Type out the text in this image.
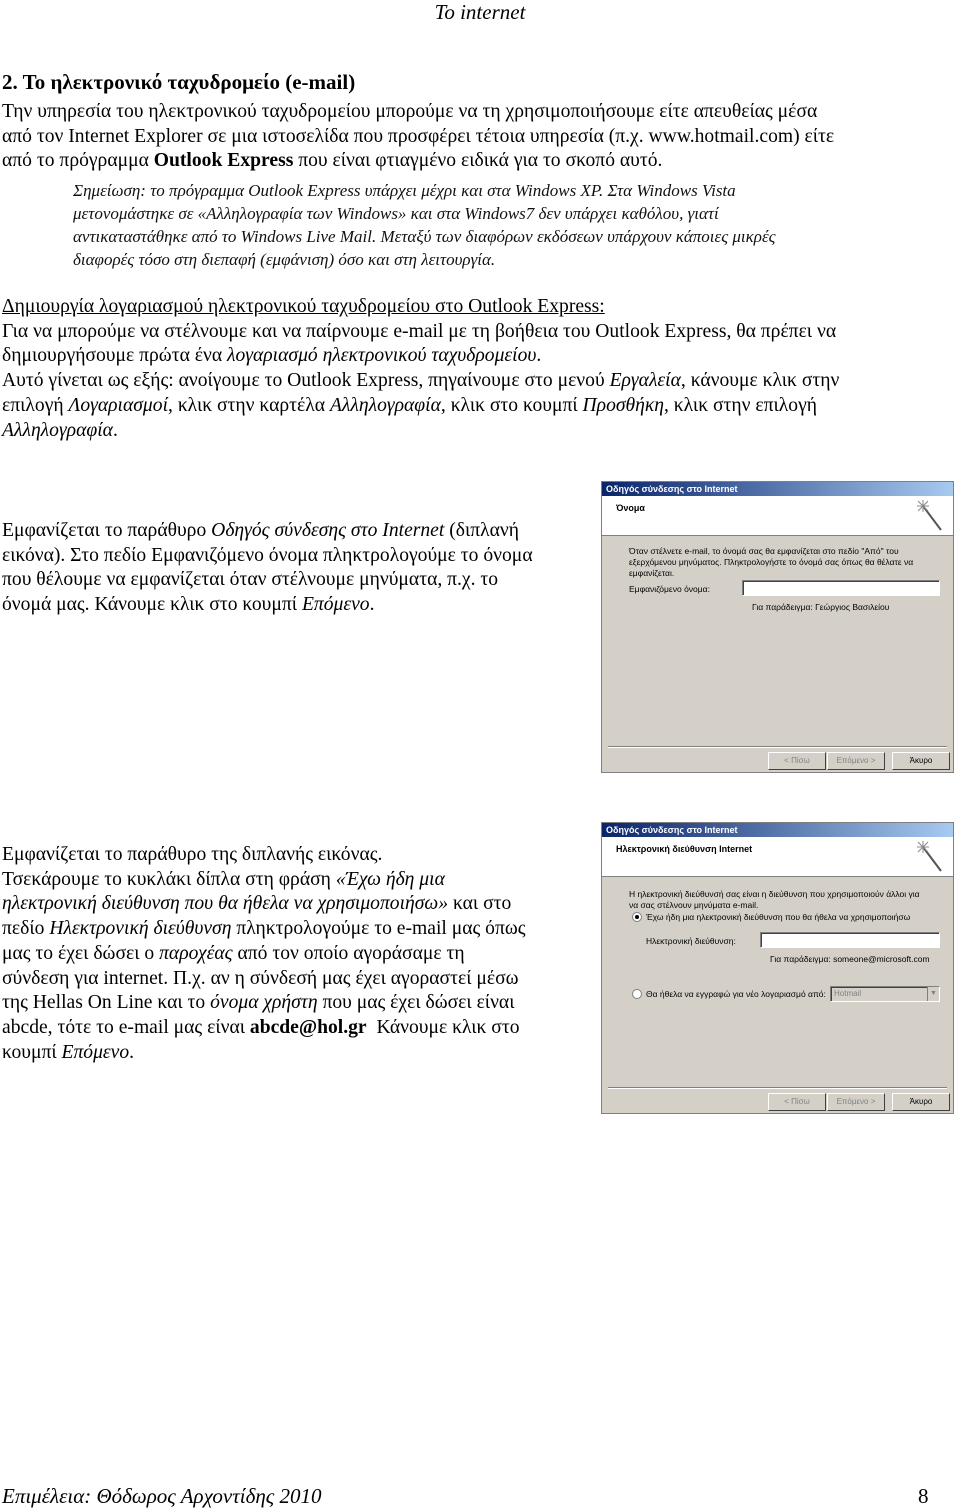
To internet
2. Το ηλεκτρονικό ταχυδρομείο (e-mail)
Την υπηρεσία του ηλεκτρονικού ταχυδρομείου μπορούμε να τη χρησιμοποιήσουμε είτε απευθείας μέσα
από τον Internet Explorer σε μια ιστοσελίδα που προσφέρει τέτοια υπηρεσία (π.χ. www.hotmail.com) είτε
από το πρόγραμμα Outlook Express που είναι φτιαγμένο ειδικά για το σκοπό αυτό.
Σημείωση: το πρόγραμμα Outlook Express υπάρχει μέχρι και στα Windows XP. Στα Windows Vista
μετονομάστηκε σε «Αλληλογραφία των Windows» και στα Windows7 δεν υπάρχει καθόλου, γιατί
αντικαταστάθηκε από το Windows Live Mail. Μεταξύ των διαφόρων εκδόσεων υπάρχουν κάποιες μικρές
διαφορές τόσο στη διεπαφή (εμφάνιση) όσο και στη λειτουργία.
Δημιουργία λογαριασμού ηλεκτρονικού ταχυδρομείου στο Outlook Express:
Για να μπορούμε να στέλνουμε και να παίρνουμε e-mail με τη βοήθεια του Outlook Express, θα πρέπει να
δημιουργήσουμε πρώτα ένα λογαριασμό ηλεκτρονικού ταχυδρομείου.
Αυτό γίνεται ως εξής: ανοίγουμε το Outlook Express, πηγαίνουμε στο μενού Εργαλεία, κάνουμε κλικ στην
επιλογή Λογαριασμοί, κλικ στην καρτέλα Αλληλογραφία, κλικ στο κουμπί Προσθήκη, κλικ στην επιλογή
Αλληλογραφία.
Εμφανίζεται το παράθυρο Οδηγός σύνδεσης στο Internet (διπλανή
εικόνα). Στο πεδίο Εμφανιζόμενο όνομα πληκτρολογούμε το όνομα
που θέλουμε να εμφανίζεται όταν στέλνουμε μηνύματα, π.χ. το
όνομά μας. Κάνουμε κλικ στο κουμπί Επόμενο.
Οδηγός σύνδεσης στο Internet
Όνομα
Όταν στέλνετε e-mail, το όνομά σας θα εμφανίζεται στο πεδίο "Από" του
εξερχόμενου μηνύματος. Πληκτρολογήστε το όνομά σας όπως θα θέλατε να
εμφανίζεται.
Εμφανιζόμενο όνομα:
Για παράδειγμα: Γεώργιος Βασιλείου
< Πίσω	Επόμενο >	Άκυρο
Εμφανίζεται το παράθυρο της διπλανής εικόνας.
Τσεκάρουμε το κυκλάκι δίπλα στη φράση «Έχω ήδη μια
ηλεκτρονική διεύθυνση που θα ήθελα να χρησιμοποιήσω» και στο
πεδίο Ηλεκτρονική διεύθυνση πληκτρολογούμε το e-mail μας όπως
μας το έχει δώσει ο παροχέας από τον οποίο αγοράσαμε τη
σύνδεση για internet. Π.χ. αν η σύνδεσή μας έχει αγοραστεί μέσω
της Hellas On Line και το όνομα χρήστη που μας έχει δώσει είναι
abcde, τότε το e-mail μας είναι abcde@hol.gr  Κάνουμε κλικ στο
κουμπί Επόμενο.
Οδηγός σύνδεσης στο Internet
Ηλεκτρονική διεύθυνση Internet
Η ηλεκτρονική διεύθυνσή σας είναι η διεύθυνση που χρησιμοποιούν άλλοι για
να σας στέλνουν μηνύματα e-mail.
Έχω ήδη μια ηλεκτρονική διεύθυνση που θα ήθελα να χρησιμοποιήσω
Ηλεκτρονική διεύθυνση:
Για παράδειγμα: someone@microsoft.com
Θα ήθελα να εγγραφώ για νέο λογαριασμό από:	Hotmail	▼
< Πίσω	Επόμενο >	Άκυρο
Επιμέλεια: Θόδωρος Αρχοντίδης 2010	8
